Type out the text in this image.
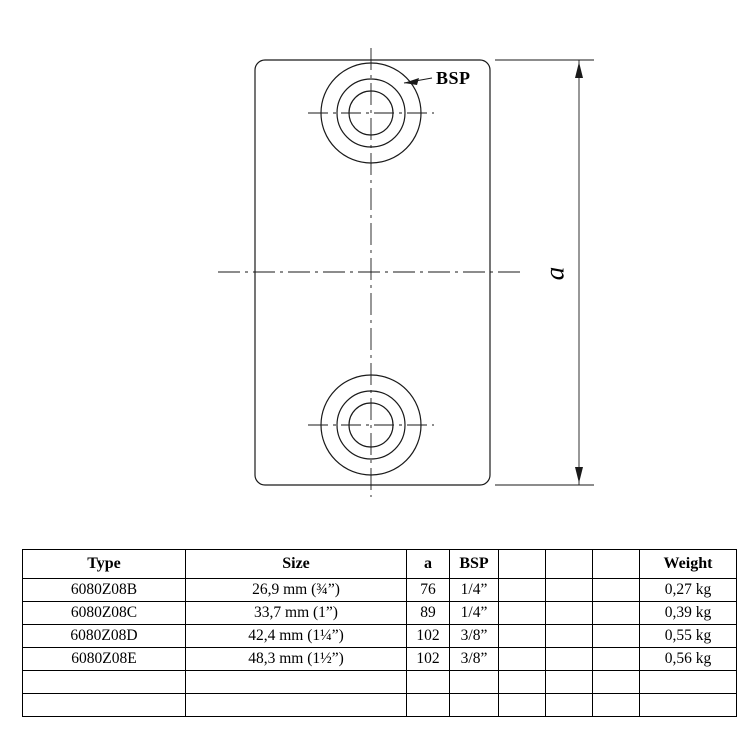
a
BSP
Type	Size	a	BSP				Weight
6080Z08B	26,9 mm (¾”)	76	1/4”				0,27 kg
6080Z08C	33,7 mm (1”)	89	1/4”				0,39 kg
6080Z08D	42,4 mm (1¼”)	102	3/8”				0,55 kg
6080Z08E	48,3 mm (1½”)	102	3/8”				0,56 kg
